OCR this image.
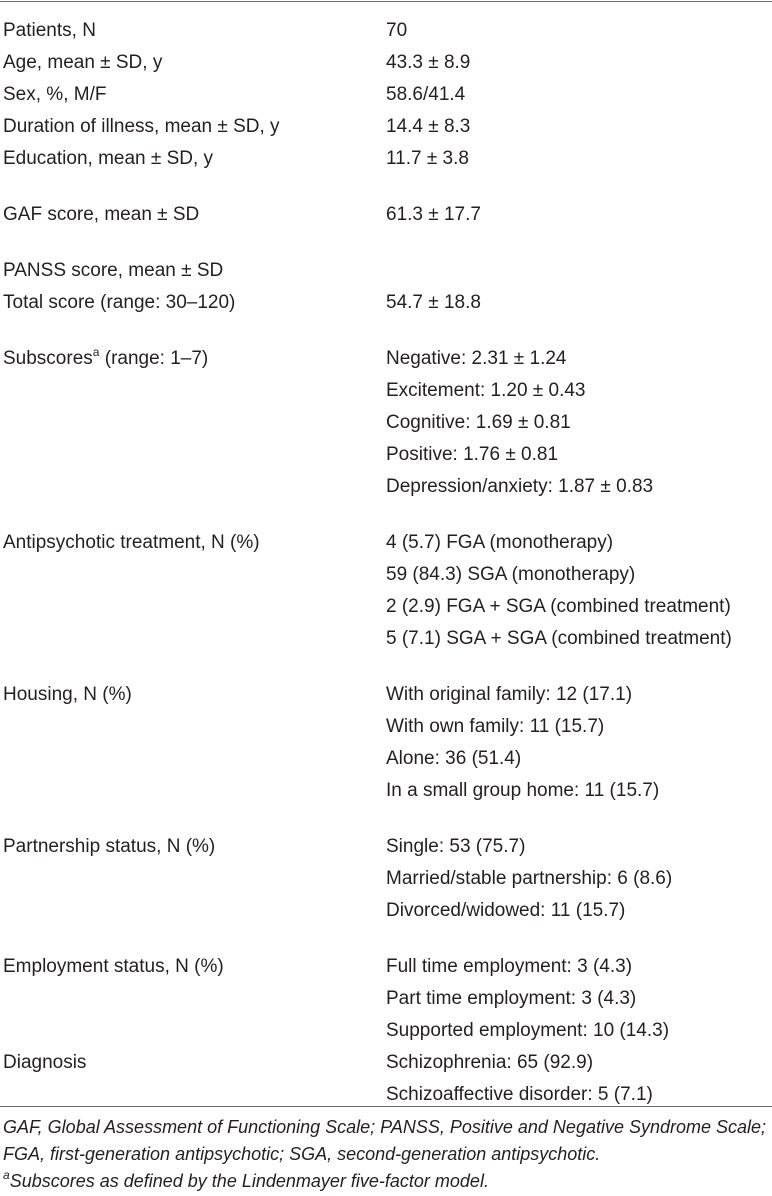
Patients, N	70
Age, mean ± SD, y	43.3 ± 8.9
Sex, %, M/F	58.6/41.4
Duration of illness, mean ± SD, y	14.4 ± 8.3
Education, mean ± SD, y	11.7 ± 3.8
GAF score, mean ± SD	61.3 ± 17.7
PANSS score, mean ± SD
Total score (range: 30–120)	54.7 ± 18.8
Subscores$^a$ (range: 1–7)	Negative: 2.31 ± 1.24
Excitement: 1.20 ± 0.43
Cognitive: 1.69 ± 0.81
Positive: 1.76 ± 0.81
Depression/anxiety: 1.87 ± 0.83
Antipsychotic treatment, N (%)	4 (5.7) FGA (monotherapy)
59 (84.3) SGA (monotherapy)
2 (2.9) FGA + SGA (combined treatment)
5 (7.1) SGA + SGA (combined treatment)
Housing, N (%)	With original family: 12 (17.1)
With own family: 11 (15.7)
Alone: 36 (51.4)
In a small group home: 11 (15.7)
Partnership status, N (%)	Single: 53 (75.7)
Married/stable partnership: 6 (8.6)
Divorced/widowed: 11 (15.7)
Employment status, N (%)	Full time employment: 3 (4.3)
Part time employment: 3 (4.3)
Supported employment: 10 (14.3)
Diagnosis	Schizophrenia: 65 (92.9)
Schizoaffective disorder: 5 (7.1)

GAF, Global Assessment of Functioning Scale; PANSS, Positive and Negative Syndrome Scale; FGA, first-generation antipsychotic; SGA, second-generation antipsychotic.

$^a$Subscores as defined by the Lindenmayer five-factor model.
